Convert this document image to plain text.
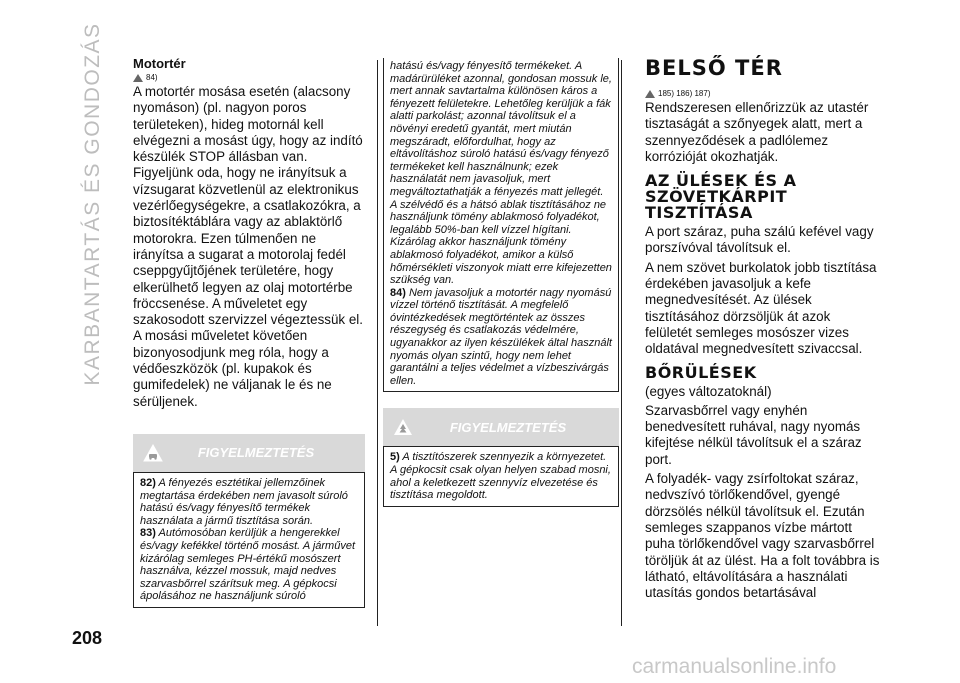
KARBANTARTÁS ÉS GONDOZÁS
208
Motortér
84)

A motortér mosása esetén (alacsony nyomáson) (pl. nagyon poros területeken), hideg motornál kell elvégezni a mosást úgy, hogy az indító készülék STOP állásban van. Figyeljünk oda, hogy ne irányítsuk a vízsugarat közvetlenül az elektronikus vezérlőegységekre, a csatlakozókra, a biztosítéktáblára vagy az ablaktörlő motorokra. Ezen túlmenően ne irányítsa a sugarat a motorolaj fedél cseppgyűjtőjének területére, hogy elkerülhető legyen az olaj motortérbe fröccsenése. A műveletet egy szakosodott szervizzel végeztessük el. A mosási műveletet követően bizonyosodjunk meg róla, hogy a védőeszközök (pl. kupakok és gumifedelek) ne váljanak le és ne sérüljenek.

FIGYELMEZTETÉS

82) A fényezés esztétikai jellemzőinek megtartása érdekében nem javasolt súroló hatású és/vagy fényesítő termékek használata a jármű tisztítása során.

83) Autómosóban kerüljük a hengerekkel és/vagy kefékkel történő mosást. A járművet kizárólag semleges PH-értékű mosószert használva, kézzel mossuk, majd nedves szarvasbőrrel szárítsuk meg. A gépkocsi ápolásához ne használjunk súroló

hatású és/vagy fényesítő termékeket. A madárürüléket azonnal, gondosan mossuk le, mert annak savtartalma különösen káros a fényezett felületekre. Lehetőleg kerüljük a fák alatti parkolást; azonnal távolítsuk el a növényi eredetű gyantát, mert miután megszáradt, előfordulhat, hogy az eltávolításhoz súroló hatású és/vagy fényező termékeket kell használnunk; ezek használatát nem javasoljuk, mert megváltoztathatják a fényezés matt jellegét. A szélvédő és a hátsó ablak tisztításához ne használjunk tömény ablakmosó folyadékot, legalább 50%-ban kell vízzel hígítani. Kizárólag akkor használjunk tömény ablakmosó folyadékot, amikor a külső hőmérsékleti viszonyok miatt erre kifejezetten szükség van.

84) Nem javasoljuk a motortér nagy nyomású vízzel történő tisztítását. A megfelelő óvintézkedések megtörténtek az összes részegység és csatlakozás védelmére, ugyanakkor az ilyen készülékek által használt nyomás olyan szintű, hogy nem lehet garantálni a teljes védelmet a vízbeszivárgás ellen.

FIGYELMEZTETÉS

5) A tisztítószerek szennyezik a környezetet. A gépkocsit csak olyan helyen szabad mosni, ahol a keletkezett szennyvíz elvezetése és tisztítása megoldott.

BELSŐ TÉR
185) 186) 187)

Rendszeresen ellenőrizzük az utastér tisztaságát a szőnyegek alatt, mert a szennyeződések a padlólemez korrózióját okozhatják.

AZ ÜLÉSEK ÉS A
SZÖVETKÁRPIT
TISZTÍTÁSA

A port száraz, puha szálú kefével vagy porszívóval távolítsuk el.

A nem szövet burkolatok jobb tisztítása érdekében javasoljuk a kefe megnedvesítését. Az ülések tisztításához dörzsöljük át azok felületét semleges mosószer vizes oldatával megnedvesített szivaccsal.

BŐRÜLÉSEK

(egyes változatoknál)

Szarvasbőrrel vagy enyhén benedvesített ruhával, nagy nyomás kifejtése nélkül távolítsuk el a száraz port.

A folyadék- vagy zsírfoltokat száraz, nedvszívó törlőkendővel, gyengé dörzsölés nélkül távolítsuk el. Ezután semleges szappanos vízbe mártott puha törlőkendővel vagy szarvasbőrrel töröljük át az ülést. Ha a folt továbbra is látható, eltávolítására a használati utasítás gondos betartásával

carmanualsonline.info
